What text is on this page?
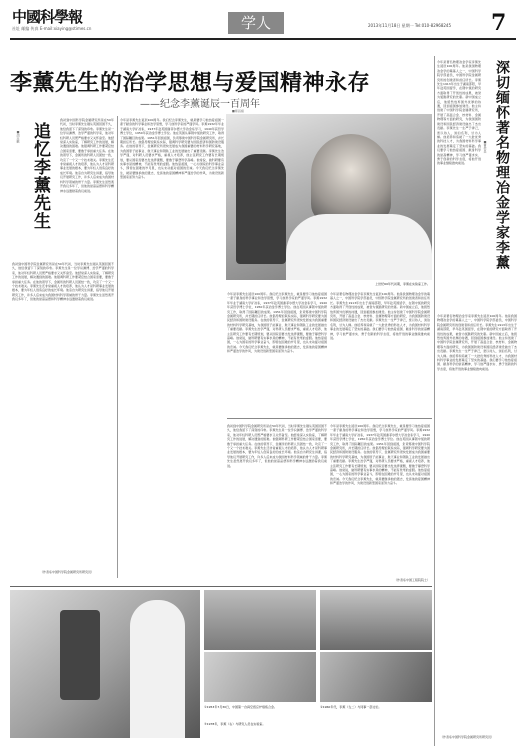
中國科學報
社址 邮编 传真 E-mail:xiaying@stimes.cn	学人	2013年11月18日 星期一 Tel:010-82968245 7
李薰先生的治学思想与爱国精神永存
——纪念李薰诞辰一百周年
■师昌绪
追忆李薰先生
■胡壮麒
我初到中国科学院金属研究所是在50年代初，当时李薰先生刚从英国回国不久，他给我留下了深刻的印象。李薰先生是一位学识渊博、治学严谨的科学家，他对年轻科研人员既严格要求又关怀备至。他经常深入实验室，了解研究工作的进展，解决遇到的困难。他强调科研工作要紧密结合国家需要，要敢于承担重大任务。在他的领导下，金属所的科研人员团结一致，攻克了一个又一个技术难关。李薰先生还非常重视人才的培养，他认为人才是科研事业发展的根本，要为年轻人创造良好的成长环境。他亲自为研究生讲课，指导他们开展研究工作，许多人后来成为我国材料科学领域的骨干力量。李薰先生虽然离开我们多年了，但他的崇高品德和科学精神永远激励着我们前进。
我初到中国科学院金属研究所是在50年代初，当时李薰先生刚从英国回国不久，他给我留下了深刻的印象。李薰先生是一位学识渊博、治学严谨的科学家，他对年轻科研人员既严格要求又关怀备至。他经常深入实验室，了解研究工作的进展，解决遇到的困难。他强调科研工作要紧密结合国家需要，要敢于承担重大任务。在他的领导下，金属所的科研人员团结一致，攻克了一个又一个技术难关。李薰先生还非常重视人才的培养，他认为人才是科研事业发展的根本，要为年轻人创造良好的成长环境。他亲自为研究生讲课，指导他们开展研究工作，许多人后来成为我国材料科学领域的骨干力量。李薰先生虽然离开我们多年了，但他的崇高品德和科学精神永远激励着我们前进。
（作者系中国科学院金属研究所研究员）
今年是李薰先生诞辰100周年。我们纪念李薰先生，就是要学习他热爱祖国一辈子献身的科学事业和治学思想，学习他科学家的严谨学风。李薰1932年毕业于湖南大学矿冶系，1937年赴英国谢菲尔德大学冶金系学习，1940年获哲学博士学位，1950年获冶金学博士学位。他在英国从事钢中氢的研究工作，取得了国际瞩目的成果。1951年回到祖国，负责筹建中国科学院金属研究所，并长期担任所长。他倡导理论联系实际，强调科学研究要为国民经济和国防建设服务。在他的领导下，金属研究所很快发展成为我国重要的材料科学研究基地，为我国原子能事业、航天事业和钢铁工业的发展做出了重要贡献。李薰先生治学严谨，对科研人员要求严格，重视人才培养，他主张研究工作要有长期规划，要从国家需要出发选择课题，要敢于攀登科学高峰。他常说，做科研要有实事求是的精神，不能有丝毫的虚假。他热爱祖国，一心为国家的科学事业奋斗，即使在困难的岁月里，也从未动摇对祖国的忠诚。今天我们纪念李薰先生，就是要继承他的遗志，发扬他的爱国精神和严谨治学的作风，为建设创新型国家而努力奋斗。
上世纪60年代初期，李薰在实验室工作。
深切缅怀著名物理冶金学家李薰
■曹荣昌
今年是著名物理冶金学家李薰先生诞辰100周年。他是我国物理冶金学的奠基人之一，中国科学院学部委员，中国科学院金属研究所的创建者和首任所长。李薰先生1913年出生于湖南邵阳，早年赴英国留学，在钢中氢的研究方面取得了开创性的成果，被誉为氢脆研究的先驱。新中国成立后，他毅然放弃国外优厚的待遇，回到祖国参加建设。他主持创建了中国科学院金属研究所，开展了高温合金、核材料、金属物理等方面的研究，为我国国防建设和国民经济建设做出了杰出贡献。李薰先生一生严于律己，宽以待人，淡泊名利，甘为人梯。他培养和造就了一大批优秀的科技人才，为我国材料科学事业的发展奠定了坚实的基础。我们要学习他热爱祖国、献身科学的崇高精神，学习他严谨求实、勇于创新的科学态度，将他开创的事业继续推向前进。
今年是著名物理冶金学家李薰先生诞辰100周年。他是我国物理冶金学的奠基人之一，中国科学院学部委员，中国科学院金属研究所的创建者和首任所长。李薰先生1913年出生于湖南邵阳，早年赴英国留学，在钢中氢的研究方面取得了开创性的成果，被誉为氢脆研究的先驱。新中国成立后，他毅然放弃国外优厚的待遇，回到祖国参加建设。他主持创建了中国科学院金属研究所，开展了高温合金、核材料、金属物理等方面的研究，为我国国防建设和国民经济建设做出了杰出贡献。李薰先生一生严于律己，宽以待人，淡泊名利，甘为人梯。他培养和造就了一大批优秀的科技人才，为我国材料科学事业的发展奠定了坚实的基础。我们要学习他热爱祖国、献身科学的崇高精神，学习他严谨求实、勇于创新的科学态度，将他开创的事业继续推向前进。
（作者系中国科学院金属研究所研究员）
今年是李薰先生诞辰100周年。我们纪念李薰先生，就是要学习他热爱祖国一辈子献身的科学事业和治学思想，学习他科学家的严谨学风。李薰1932年毕业于湖南大学矿冶系，1937年赴英国谢菲尔德大学冶金系学习，1940年获哲学博士学位，1950年获冶金学博士学位。他在英国从事钢中氢的研究工作，取得了国际瞩目的成果。1951年回到祖国，负责筹建中国科学院金属研究所，并长期担任所长。他倡导理论联系实际，强调科学研究要为国民经济和国防建设服务。在他的领导下，金属研究所很快发展成为我国重要的材料科学研究基地，为我国原子能事业、航天事业和钢铁工业的发展做出了重要贡献。李薰先生治学严谨，对科研人员要求严格，重视人才培养，他主张研究工作要有长期规划，要从国家需要出发选择课题，要敢于攀登科学高峰。他常说，做科研要有实事求是的精神，不能有丝毫的虚假。他热爱祖国，一心为国家的科学事业奋斗，即使在困难的岁月里，也从未动摇对祖国的忠诚。今天我们纪念李薰先生，就是要继承他的遗志，发扬他的爱国精神和严谨治学的作风，为建设创新型国家而努力奋斗。
今年是著名物理冶金学家李薰先生诞辰100周年。他是我国物理冶金学的奠基人之一，中国科学院学部委员，中国科学院金属研究所的创建者和首任所长。李薰先生1913年出生于湖南邵阳，早年赴英国留学，在钢中氢的研究方面取得了开创性的成果，被誉为氢脆研究的先驱。新中国成立后，他毅然放弃国外优厚的待遇，回到祖国参加建设。他主持创建了中国科学院金属研究所，开展了高温合金、核材料、金属物理等方面的研究，为我国国防建设和国民经济建设做出了杰出贡献。李薰先生一生严于律己，宽以待人，淡泊名利，甘为人梯。他培养和造就了一大批优秀的科技人才，为我国材料科学事业的发展奠定了坚实的基础。我们要学习他热爱祖国、献身科学的崇高精神，学习他严谨求实、勇于创新的科学态度，将他开创的事业继续推向前进。
我初到中国科学院金属研究所是在50年代初，当时李薰先生刚从英国回国不久，他给我留下了深刻的印象。李薰先生是一位学识渊博、治学严谨的科学家，他对年轻科研人员既严格要求又关怀备至。他经常深入实验室，了解研究工作的进展，解决遇到的困难。他强调科研工作要紧密结合国家需要，要敢于承担重大任务。在他的领导下，金属所的科研人员团结一致，攻克了一个又一个技术难关。李薰先生还非常重视人才的培养，他认为人才是科研事业发展的根本，要为年轻人创造良好的成长环境。他亲自为研究生讲课，指导他们开展研究工作，许多人后来成为我国材料科学领域的骨干力量。李薰先生虽然离开我们多年了，但他的崇高品德和科学精神永远激励着我们前进。
今年是李薰先生诞辰100周年。我们纪念李薰先生，就是要学习他热爱祖国一辈子献身的科学事业和治学思想，学习他科学家的严谨学风。李薰1932年毕业于湖南大学矿冶系，1937年赴英国谢菲尔德大学冶金系学习，1940年获哲学博士学位，1950年获冶金学博士学位。他在英国从事钢中氢的研究工作，取得了国际瞩目的成果。1951年回到祖国，负责筹建中国科学院金属研究所，并长期担任所长。他倡导理论联系实际，强调科学研究要为国民经济和国防建设服务。在他的领导下，金属研究所很快发展成为我国重要的材料科学研究基地，为我国原子能事业、航天事业和钢铁工业的发展做出了重要贡献。李薰先生治学严谨，对科研人员要求严格，重视人才培养，他主张研究工作要有长期规划，要从国家需要出发选择课题，要敢于攀登科学高峰。他常说，做科研要有实事求是的精神，不能有丝毫的虚假。他热爱祖国，一心为国家的科学事业奋斗，即使在困难的岁月里，也从未动摇对祖国的忠诚。今天我们纪念李薰先生，就是要继承他的遗志，发扬他的爱国精神和严谨治学的作风，为建设创新型国家而努力奋斗。
（作者系中国工程院院士）
①1953年7月30日，中国第一台真空感应炉熔炼合金。	②1960年代，李薰（左二）与同事一起讨论。
③1978年，李薰（右）与研究人员在实验室。
